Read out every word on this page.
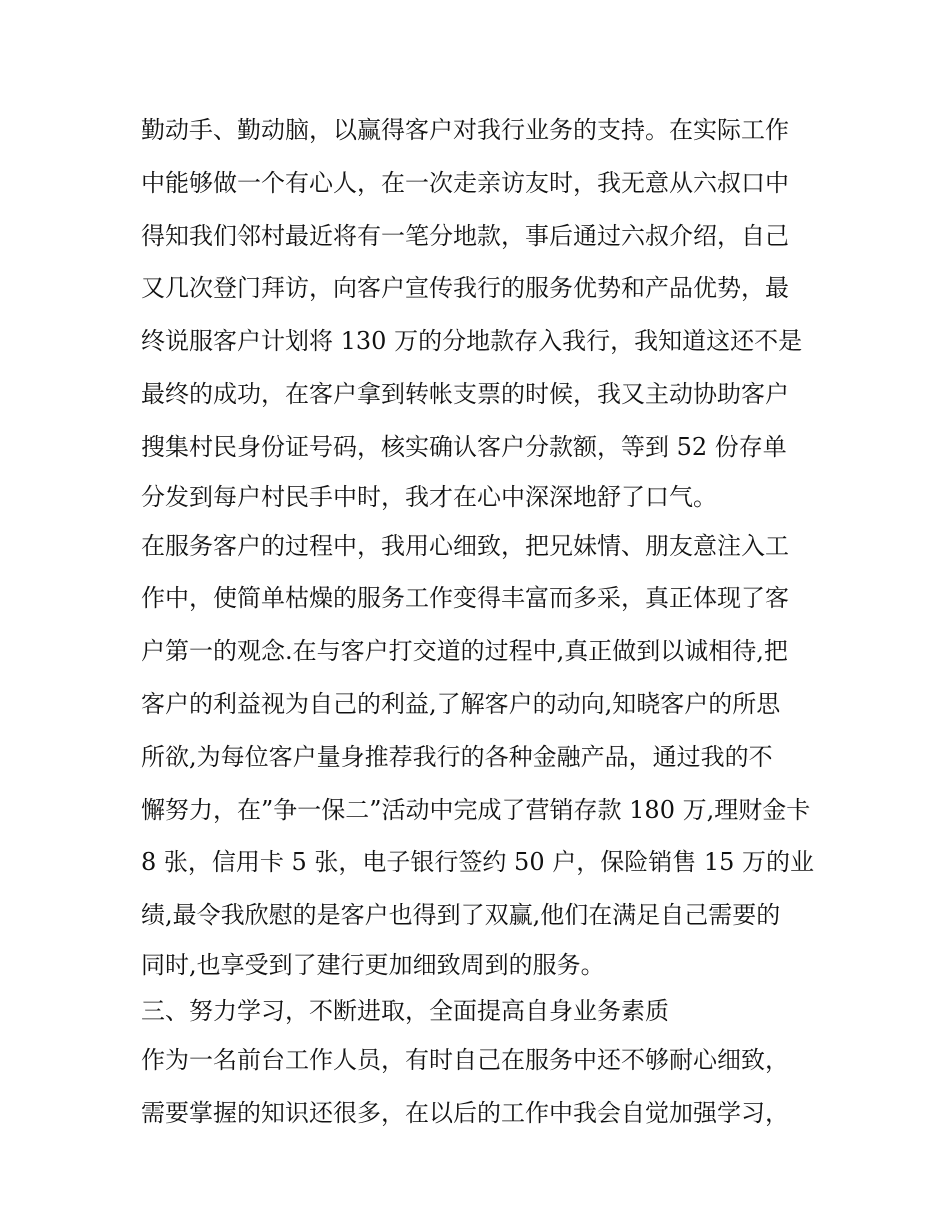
勤动手、勤动脑，以赢得客户对我行业务的支持。在实际工作
中能够做一个有心人，在一次走亲访友时，我无意从六叔口中
得知我们邻村最近将有一笔分地款，事后通过六叔介绍，自己
又几次登门拜访，向客户宣传我行的服务优势和产品优势，最
终说服客户计划将 130 万的分地款存入我行，我知道这还不是
最终的成功，在客户拿到转帐支票的时候，我又主动协助客户
搜集村民身份证号码，核实确认客户分款额，等到 52 份存单
分发到每户村民手中时，我才在心中深深地舒了口气。
在服务客户的过程中，我用心细致，把兄妹情、朋友意注入工
作中，使简单枯燥的服务工作变得丰富而多采，真正体现了客
户第一的观念.在与客户打交道的过程中,真正做到以诚相待,把
客户的利益视为自己的利益,了解客户的动向,知晓客户的所思
所欲,为每位客户量身推荐我行的各种金融产品，通过我的不
懈努力，在”争一保二”活动中完成了营销存款 180 万,理财金卡
8 张，信用卡 5 张，电子银行签约 50 户，保险销售 15 万的业
绩,最令我欣慰的是客户也得到了双赢,他们在满足自己需要的
同时,也享受到了建行更加细致周到的服务。
三、努力学习，不断进取，全面提高自身业务素质
作为一名前台工作人员，有时自己在服务中还不够耐心细致，
需要掌握的知识还很多，在以后的工作中我会自觉加强学习，
